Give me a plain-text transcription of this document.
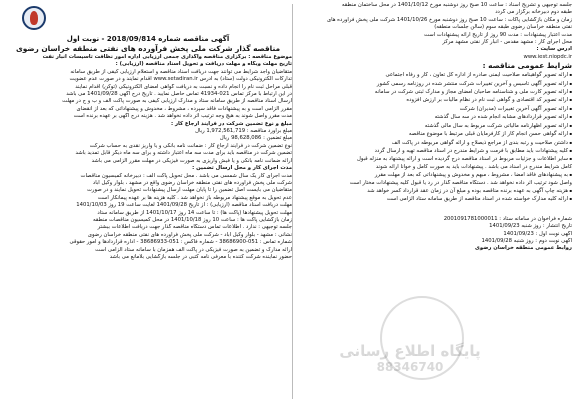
آگهی مناقصه شماره 2018/09/814 - نوبت اول
مناقصه گذار شرکت ملی پخش فرآورده های نفتی منطقه خراسان رضوی
موضوع مناقصه : برگزاری مناقصه واگذاری جمعی ارزیابی اداره امور نظافت تاسیسات انبار نفت
تاریخ مهلت وبگاه و مهلت دریافت و تحویل اسناد مناقصه (ارزیابی) :
متقاضیان واجد شرایط می توانند جهت دریافت اسناد مناقصه و استعلام ارزیابی کیفی از طریق سامانه
تدارکات الکترونیکی دولت (ستاد) به آدرس www.setadiran.ir اقدام نمایند و در صورت عدم عضویت
قبلی مراحل ثبت نام را انجام داده و نسبت به دریافت گواهی امضای الکترونیکی (توکن) اقدام نمایند
در این ارتباط با مرکز تماس 021-41934 تماس حاصل نمایید . تاریخ درج آگهی 1401/09/28 می باشد
ارسال اسناد مناقصه از طریق سامانه ستاد و مدارک ارزیابی کیفی به صورت پاکت الف و ب و ج در مهلت
مقرر الزامی است و به پیشنهادات فاقد سپرده ، مشروط ، مخدوش و پیشنهاداتی که بعد از انقضای
مدت مقرر واصل شوند به هیچ وجه ترتیب اثر داده نخواهد شد . هزینه درج آگهی بر عهده برنده است
مبلغ و نوع تضمین شرکت در فرآیند ارجاع کار :
مبلغ برآورد مناقصه : 1,972,561,719 ریال
مبلغ تضمین : 98,628,086 ریال
نوع تضمین شرکت در فرآیند ارجاع کار : ضمانت نامه بانکی و یا واریز نقدی به حساب شرکت
تضمین شرکت در مناقصه باید برای مدت سه ماه اعتبار داشته و برای سه ماه دیگر قابل تمدید باشد
ارائه ضمانت نامه بانکی و یا فیش واریزی به صورت فیزیکی در مهلت مقرر الزامی می باشد
مدت اجرای کار و محل ارسال تضمین :
مدت اجرای کار یک سال شمسی می باشد . محل تحویل پاکت الف : دبیرخانه کمیسیون مناقصات
شرکت ملی پخش فرآورده های نفتی منطقه خراسان رضوی واقع در مشهد ، بلوار وکیل آباد
متقاضیان می بایست اصل تضمین را تا پایان مهلت ارسال پیشنهادات تحویل نمایند و در صورت
عدم تحویل به موقع پیشنهاد مربوطه باز نخواهد شد . کلیه هزینه ها بر عهده پیمانکار است
مهلت دریافت اسناد مناقصه (ارزیابی) : از تاریخ 1401/09/28 لغایت ساعت 19 روز 1401/10/03
مهلت تحویل پیشنهادها (پاکت ها) : تا ساعت 14 روز 1401/10/17 از طریق سامانه ستاد
زمان بازگشایی پاکت ها : ساعت 10 روز 1401/10/18 در محل کمیسیون مناقصات منطقه
جلسه توجیهی : ندارد . اطلاعات تماس دستگاه مناقصه گذار جهت دریافت اطلاعات بیشتر
نشانی : مشهد - بلوار وکیل آباد - شرکت ملی پخش فرآورده های نفتی منطقه خراسان رضوی
شماره تماس : 051-38686900 - شماره فاکس : 051-38686933 - اداره قراردادها و امور حقوقی
ارائه مدارک و تضمین به صورت فیزیکی در پاکت الف همزمان با سامانه ستاد الزامی است
حضور نماینده شرکت کننده با معرفی نامه کتبی در جلسه بازگشایی بلامانع می باشد
جلسه توجیهی و تشریح اسناد : ساعت 10 صبح روز دوشنبه مورخ 1401/10/12 در محل ساختمان منطقه
طبقه دوم دبیرخانه برگزار می گردد
زمان و مکان بازگشایی پاکات : ساعت 10 صبح روز دوشنبه مورخ 1401/10/26 شرکت ملی پخش فرآورده های
نفتی منطقه خراسان رضوی طبقه سوم (سالن جلسات منطقه)
مدت اعتبار پیشنهادات : مدت 90 روز از تاریخ ارائه پیشنهادات است
محل اجرای کار : مشهد مقدس - انبار کار نفتی مشهد مرکز
آدرس سایت :
www.iest.niopdc.ir
شرایط عمومی مناقصه :
▪ ارائه تصویر گواهینامه صلاحیت ایمنی صادره از اداره کل تعاون ، کار و رفاه اجتماعی
▪ ارائه تصویر آگهی تاسیس و آخرین تغییرات شرکت منتشر شده در روزنامه رسمی کشور
▪ ارائه تصویر کارت ملی و شناسنامه صاحبان امضای مجاز و مدارک ثبتی شرکت در سامانه
▪ ارائه تصویر کد اقتصادی و گواهی ثبت نام در نظام مالیات بر ارزش افزوده
▪ ارائه تصویر آگهی آخرین تغییرات (مدیران) شرکت
▪ ارائه تصویر قراردادهای مشابه انجام شده در سه سال گذشته
▪ ارائه تصویر اظهارنامه مالیاتی شرکت مربوط به سال مالی گذشته
▪ ارائه گواهی حسن انجام کار از کارفرمایان قبلی مرتبط با موضوع مناقصه
▪ داشتن صلاحیت و رتبه بندی از مراجع ذیصلاح و ارائه گواهی مربوطه در پاکت الف
▪ کلیه پیشنهادات باید مطابق با فرمت و شرایط مندرج در اسناد مناقصه تهیه و ارسال گردد
▪ سایر اطلاعات و جزئیات مربوط در اسناد مناقصه درج گردیده است و ارائه پیشنهاد به منزله قبول
کامل شرایط مندرج در اسناد می باشد . پیشنهادات باید به صورت کامل و خوانا ارائه شوند
▪ به پیشنهادهای فاقد امضا ، مشروط ، مبهم و مخدوش و پیشنهاداتی که بعد از مهلت مقرر
واصل شود ترتیب اثر داده نخواهد شد . دستگاه مناقصه گذار در رد یا قبول کلیه پیشنهادات مختار است
▪ هزینه چاپ آگهی به عهده برنده مناقصه بوده و مبلغ آن در زمان عقد قرارداد کسر خواهد شد
▪ ارائه کلیه مدارک خواسته شده در اسناد مناقصه از طریق سامانه ستاد الزامی است
شماره فراخوان در سامانه ستاد : 2001091781000011
تاریخ انتشار : روز شنبه 1401/09/23
آگهی نوبت اول : 1401/09/23
آگهی نوبت دوم : روز شنبه 1401/09/28
روابط عمومی منطقه خراسان رضوی
پایگاه اطلاع رسانی
88346740
